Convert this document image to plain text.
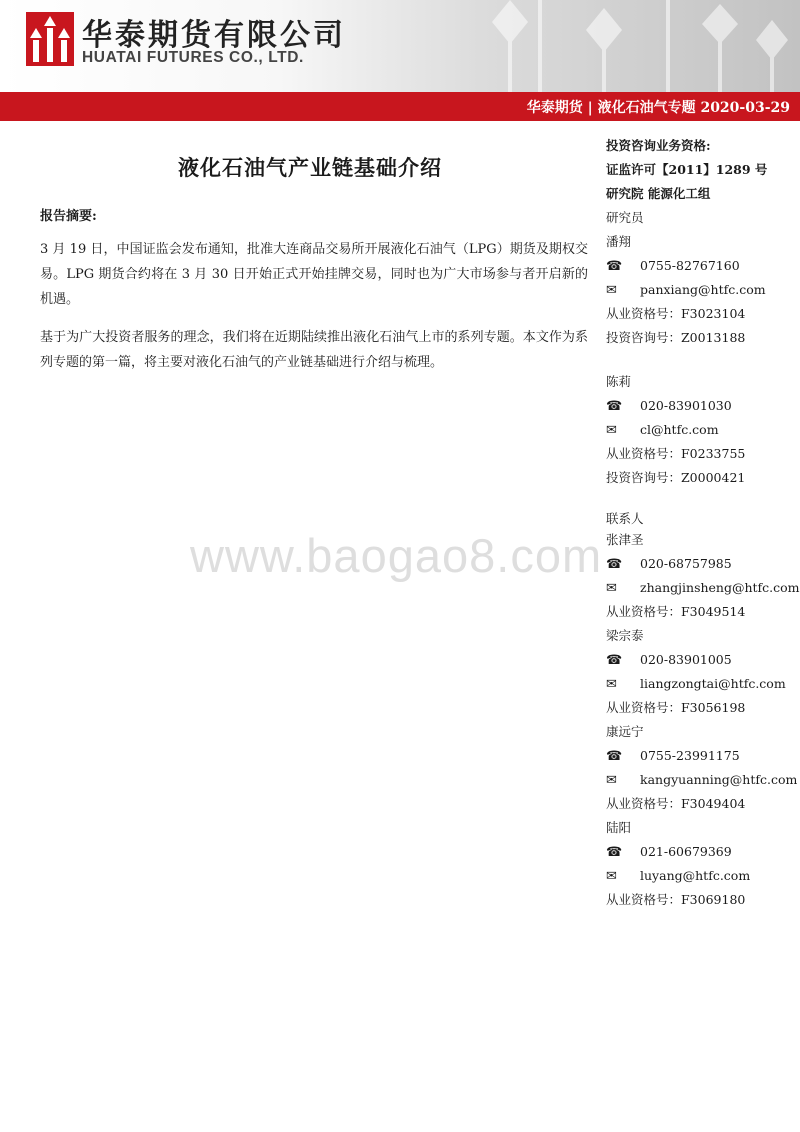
华泰期货有限公司
HUATAI FUTURES CO., LTD.
华泰期货 | 液化石油气专题 2020-03-29
液化石油气产业链基础介绍
报告摘要:
3 月 19 日，中国证监会发布通知，批准大连商品交易所开展液化石油气（LPG）期货及期权交易。LPG 期货合约将在 3 月 30 日开始正式开始挂牌交易，同时也为广大市场参与者开启新的机遇。
基于为广大投资者服务的理念，我们将在近期陆续推出液化石油气上市的系列专题。本文作为系列专题的第一篇，将主要对液化石油气的产业链基础进行介绍与梳理。
www.baogao8.com
投资咨询业务资格:
证监许可【2011】1289 号
研究院 能源化工组
研究员
潘翔
☎ 0755-82767160
✉ panxiang@htfc.com
从业资格号：F3023104
投资咨询号：Z0013188
陈莉
☎ 020-83901030
✉ cl@htfc.com
从业资格号：F0233755
投资咨询号：Z0000421
联系人
张津圣
☎ 020-68757985
✉ zhangjinsheng@htfc.com
从业资格号：F3049514
梁宗泰
☎ 020-83901005
✉ liangzongtai@htfc.com
从业资格号：F3056198
康远宁
☎ 0755-23991175
✉ kangyuanning@htfc.com
从业资格号：F3049404
陆阳
☎ 021-60679369
✉ luyang@htfc.com
从业资格号：F3069180
